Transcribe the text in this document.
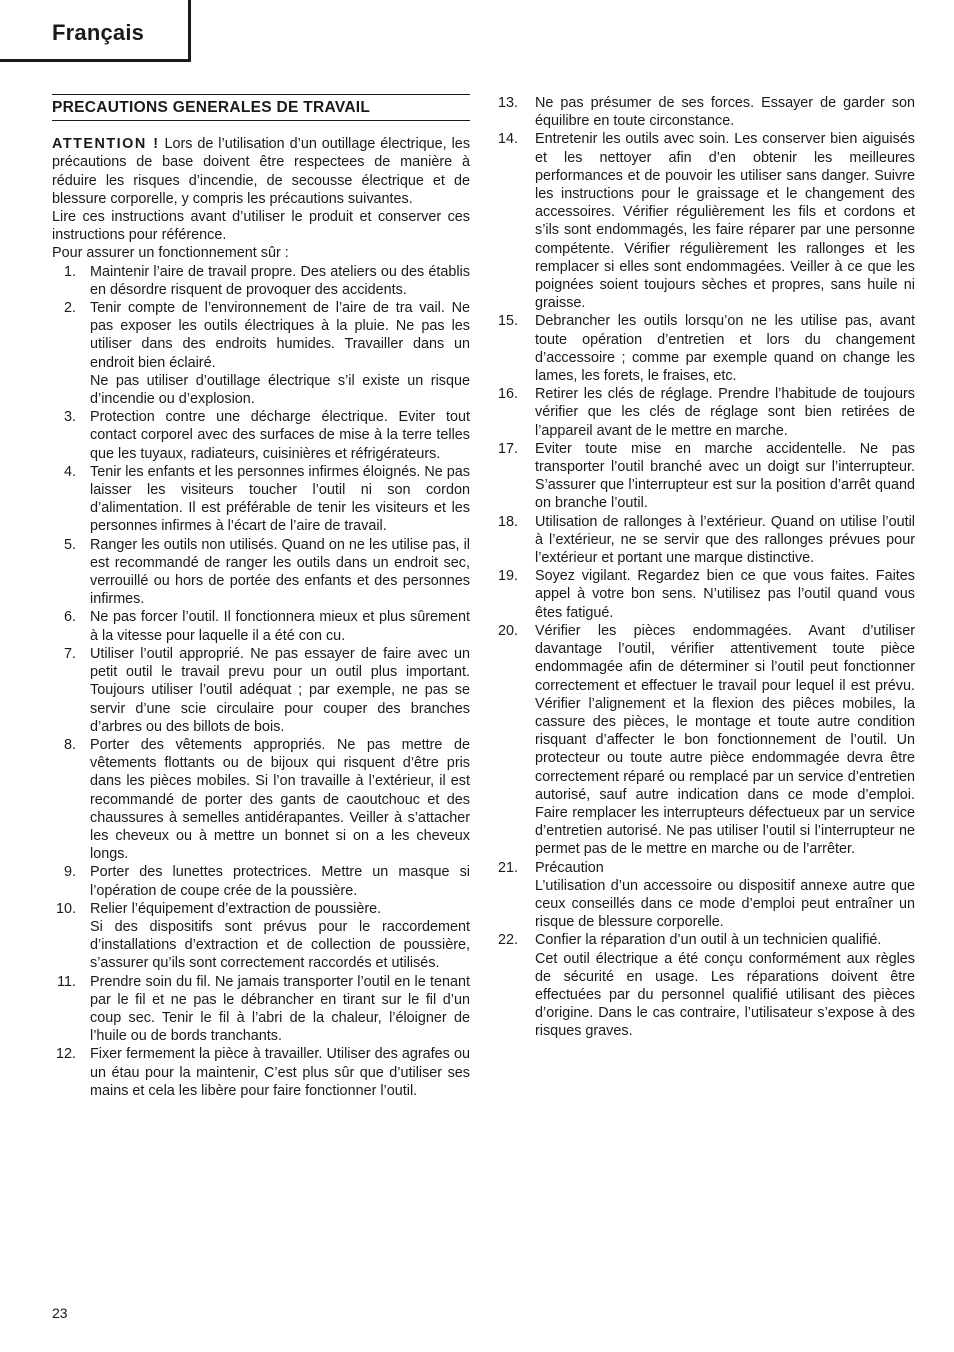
Français
PRECAUTIONS GENERALES DE TRAVAIL

ATTENTION ! Lors de l’utilisation d’un outillage électrique, les précautions de base doivent être respectees de manière à réduire les risques d’incendie, de secousse électrique et de blessure corporelle, y compris les précautions suivantes.

Lire ces instructions avant d’utiliser le produit et conserver ces instructions pour référence.

Pour assurer un fonctionnement sûr :

1. Maintenir l’aire de travail propre. Des ateliers ou des établis en désordre risquent de provoquer des accidents.
2. Tenir compte de l’environnement de l’aire de tra vail. Ne pas exposer les outils électriques à la pluie. Ne pas les utiliser dans des endroits humides. Travailler dans un endroit bien éclairé.
Ne pas utiliser d’outillage électrique s’il existe un risque d’incendie ou d’explosion.
3. Protection contre une décharge électrique. Eviter tout contact corporel avec des surfaces de mise à la terre telles que les tuyaux, radiateurs, cuisinières et réfrigérateurs.
4. Tenir les enfants et les personnes infirmes éloignés. Ne pas laisser les visiteurs toucher l’outil ni son cordon d’alimentation. Il est préférable de tenir les visiteurs et les personnes infirmes à l’écart de l’aire de travail.
5. Ranger les outils non utilisés. Quand on ne les utilise pas, il est recommandé de ranger les outils dans un endroit sec, verrouillé ou hors de portée des enfants et des personnes infirmes.
6. Ne pas forcer l’outil. Il fonctionnera mieux et plus sûrement à la vitesse pour laquelle il a été con cu.
7. Utiliser l’outil approprié. Ne pas essayer de faire avec un petit outil le travail prevu pour un outil plus important. Toujours utiliser l’outil adéquat ; par exemple, ne pas se servir d’une scie circulaire pour couper des branches d’arbres ou des billots de bois.
8. Porter des vêtements appropriés. Ne pas mettre de vêtements flottants ou de bijoux qui risquent d’être pris dans les pièces mobiles. Si l’on travaille à l’extérieur, il est recommandé de porter des gants de caoutchouc et des chaussures à semelles antidérapantes. Veiller à s’attacher les cheveux ou à mettre un bonnet si on a les cheveux longs.
9. Porter des lunettes protectrices. Mettre un masque si l’opération de coupe crée de la poussière.
10. Relier l’équipement d’extraction de poussière.
Si des dispositifs sont prévus pour le raccordement d’installations d’extraction et de collection de poussière, s’assurer qu’ils sont correctement raccordés et utilisés.
11. Prendre soin du fil. Ne jamais transporter l’outil en le tenant par le fil et ne pas le débrancher en tirant sur le fil d’un coup sec. Tenir le fil à l’abri de la chaleur, l’éloigner de l’huile ou de bords tranchants.
12. Fixer fermement la pièce à travailler. Utiliser des agrafes ou un étau pour la maintenir, C’est plus sûr que d’utiliser ses mains et cela les libère pour faire fonctionner l’outil.
13. Ne pas présumer de ses forces. Essayer de garder son équilibre en toute circonstance.
14. Entretenir les outils avec soin. Les conserver bien aiguisés et les nettoyer afin d’en obtenir les meilleures performances et de pouvoir les utiliser sans danger. Suivre les instructions pour le graissage et le changement des accessoires. Vérifier régulièrement les fils et cordons et s’ils sont endommagés, les faire réparer par une personne compétente. Vérifier régulièrement les rallonges et les remplacer si elles sont endommagées. Veiller à ce que les poignées soient toujours sèches et propres, sans huile ni graisse.
15. Debrancher les outils lorsqu’on ne les utilise pas, avant toute opération d’entretien et lors du changement d’accessoire ; comme par exemple quand on change les lames, les forets, le fraises, etc.
16. Retirer les clés de réglage. Prendre l’habitude de toujours vérifier que les clés de réglage sont bien retirées de l’appareil avant de le mettre en marche.
17. Eviter toute mise en marche accidentelle. Ne pas transporter l’outil branché avec un doigt sur l’interrupteur. S’assurer que l’interrupteur est sur la position d’arrêt quand on branche l’outil.
18. Utilisation de rallonges à l’extérieur. Quand on utilise l’outil à l’extérieur, ne se servir que des rallonges prévues pour l’extérieur et portant une marque distinctive.
19. Soyez vigilant. Regardez bien ce que vous faites. Faites appel à votre bon sens. N’utilisez pas l’outil quand vous êtes fatigué.
20. Vérifier les pièces endommagées. Avant d’utiliser davantage l’outil, vérifier attentivement toute pièce endommagée afin de déterminer si l’outil peut fonctionner correctement et effectuer le travail pour lequel il est prévu. Vérifier l’alignement et la flexion des piêces mobiles, la cassure des pièces, le montage et toute autre condition risquant d’affecter le bon fonctionnement de l’outil. Un protecteur ou toute autre pièce endommagée devra être correctement réparé ou remplacé par un service d’entretien autorisé, sauf autre indication dans ce mode d’emploi. Faire remplacer les interrupteurs défectueux par un service d’entretien autorisé. Ne pas utiliser l’outil si l’interrupteur ne permet pas de le mettre en marche ou de l’arrêter.
21. Précaution
L’utilisation d’un accessoire ou dispositif annexe autre que ceux conseillés dans ce mode d’emploi peut entraîner un risque de blessure corporelle.
22. Confier la réparation d’un outil à un technicien qualifié.
Cet outil électrique a été conçu conformément aux règles de sécurité en usage. Les réparations doivent être effectuées par du personnel qualifié utilisant des pièces d’origine. Dans le cas contraire, l’utilisateur s’expose à des risques graves.
23
